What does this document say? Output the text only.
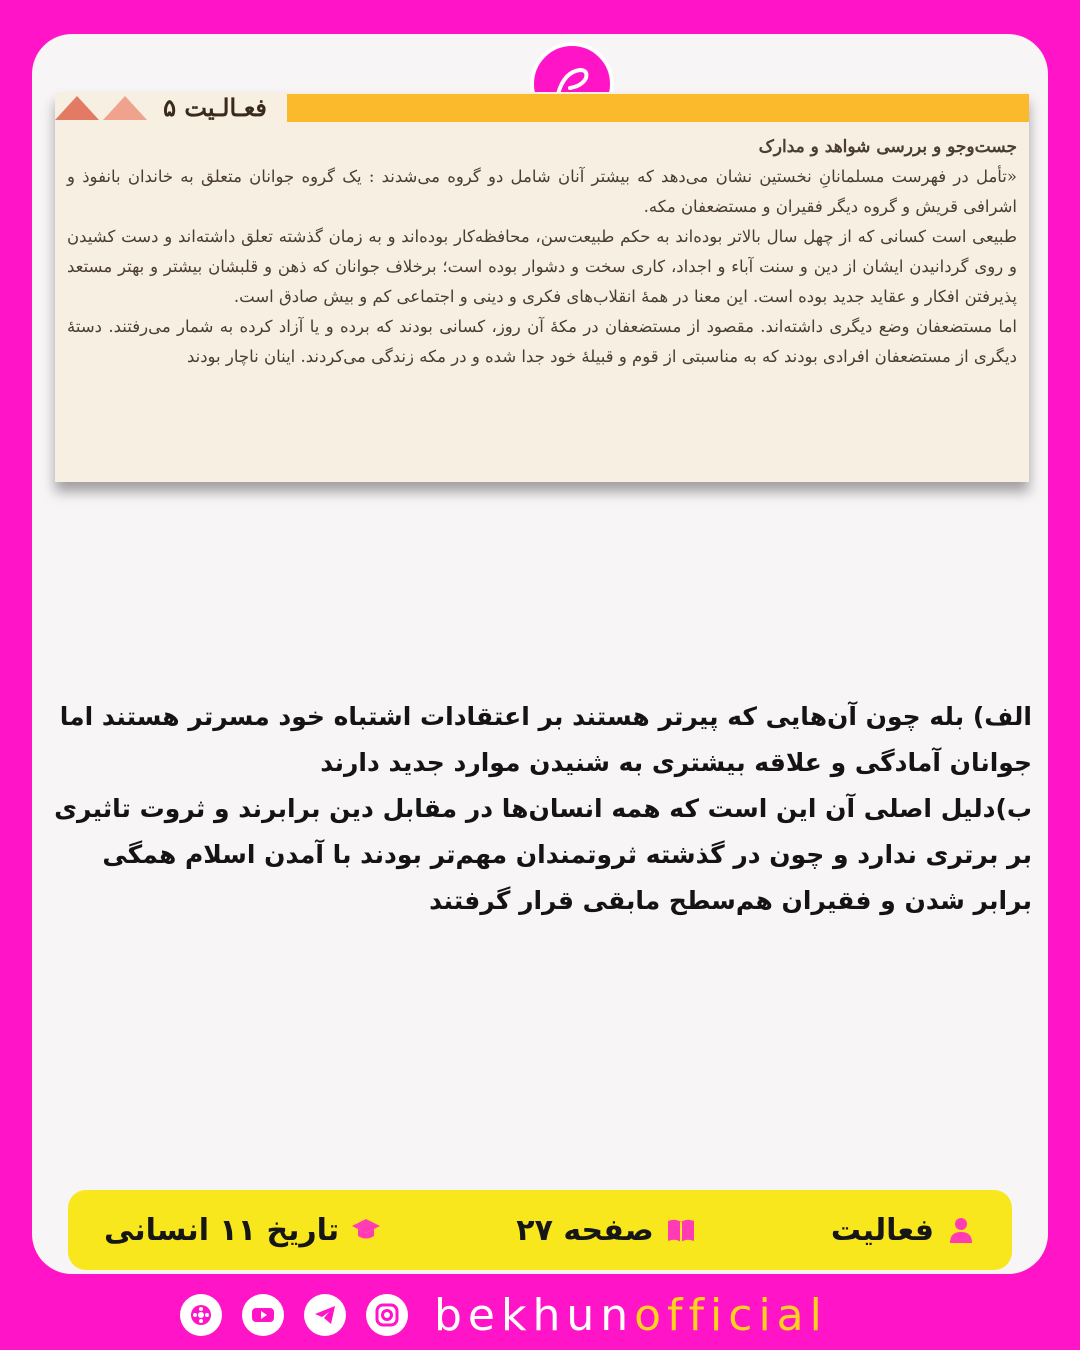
فعـالـیت ۵

جست‌وجو و بررسی شواهد و مدارک

«تأمل در فهرست مسلمانانِ نخستین نشان می‌دهد که بیشتر آنان شامل دو گروه می‌شدند : یک گروه جوانان متعلق به خاندان بانفوذ و اشرافی قریش و گروه دیگر فقیران و مستضعفان مکه.

طبیعی است کسانی که از چهل سال بالاتر بوده‌اند به حکم طبیعت‌سن، محافظه‌کار بوده‌اند و به زمان گذشته تعلق داشته‌اند و دست کشیدن و روی گردانیدن ایشان از دین و سنت آباء و اجداد، کاری سخت و دشوار بوده است؛ برخلاف جوانان که ذهن و قلبشان بیشتر و بهتر مستعد پذیرفتن افکار و عقاید جدید بوده است. این معنا در همهٔ انقلاب‌های فکری و دینی و اجتماعی کم و بیش صادق است.

اما مستضعفان وضع دیگری داشته‌اند. مقصود از مستضعفان در مکهٔ آن روز، کسانی بودند که برده و یا آزاد کرده به شمار می‌رفتند. دستهٔ دیگری از مستضعفان افرادی بودند که به مناسبتی از قوم و قبیلهٔ خود جدا شده و در مکه زندگی می‌کردند. اینان ناچار بودند

الف) بله چون آن‌هایی که پیرتر هستند بر اعتقادات اشتباه خود مسرتر هستند اما جوانان آمادگی و علاقه بیشتری به شنیدن موارد جدید دارند
ب)دلیل اصلی آن این است که همه انسان‌ها در مقابل دین برابرند و ثروت تاثیری بر برتری ندارد و چون در گذشته ثروتمندان مهم‌تر بودند با آمدن اسلام همگی برابر شدن و فقیران هم‌سطح مابقی قرار گرفتند
فعالیت
صفحه ۲۷
تاریخ ۱۱ انسانی
bekhunofficial
